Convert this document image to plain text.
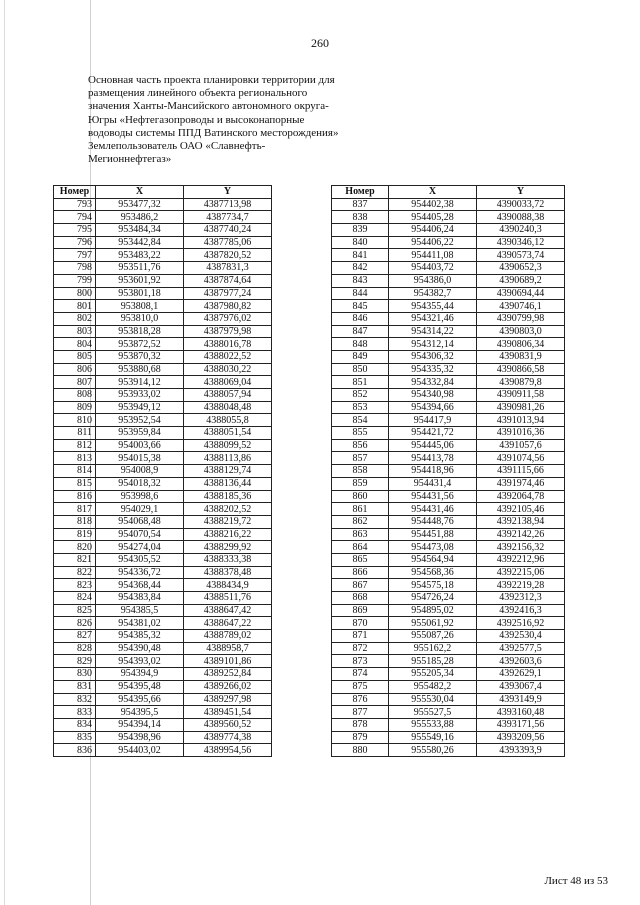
260
Основная часть проекта планировки территории для
размещения линейного объекта регионального
значения Ханты-Мансийского автономного округа-
Югры «Нефтегазопроводы и высоконапорные
водоводы системы ППД Ватинского месторождения»
Землепользователь ОАО «Славнефть-
Мегионнефтегаз»
Номер	X	Y
793	953477,32	4387713,98
794	953486,2	4387734,7
795	953484,34	4387740,24
796	953442,84	4387785,06
797	953483,22	4387820,52
798	953511,76	4387831,3
799	953601,92	4387874,64
800	953801,18	4387977,24
801	953808,1	4387980,82
802	953810,0	4387976,02
803	953818,28	4387979,98
804	953872,52	4388016,78
805	953870,32	4388022,52
806	953880,68	4388030,22
807	953914,12	4388069,04
808	953933,02	4388057,94
809	953949,12	4388048,48
810	953952,54	4388055,8
811	953959,84	4388051,54
812	954003,66	4388099,52
813	954015,38	4388113,86
814	954008,9	4388129,74
815	954018,32	4388136,44
816	953998,6	4388185,36
817	954029,1	4388202,52
818	954068,48	4388219,72
819	954070,54	4388216,22
820	954274,04	4388299,92
821	954305,52	4388333,38
822	954336,72	4388378,48
823	954368,44	4388434,9
824	954383,84	4388511,76
825	954385,5	4388647,42
826	954381,02	4388647,22
827	954385,32	4388789,02
828	954390,48	4388958,7
829	954393,02	4389101,86
830	954394,9	4389252,84
831	954395,48	4389266,02
832	954395,66	4389297,98
833	954395,5	4389451,54
834	954394,14	4389560,52
835	954398,96	4389774,38
836	954403,02	4389954,56
Номер	X	Y
837	954402,38	4390033,72
838	954405,28	4390088,38
839	954406,24	4390240,3
840	954406,22	4390346,12
841	954411,08	4390573,74
842	954403,72	4390652,3
843	954386,0	4390689,2
844	954382,7	4390694,44
845	954355,44	4390746,1
846	954321,46	4390799,98
847	954314,22	4390803,0
848	954312,14	4390806,34
849	954306,32	4390831,9
850	954335,32	4390866,58
851	954332,84	4390879,8
852	954340,98	4390911,58
853	954394,66	4390981,26
854	954417,9	4391013,94
855	954421,72	4391016,36
856	954445,06	4391057,6
857	954413,78	4391074,56
858	954418,96	4391115,66
859	954431,4	4391974,46
860	954431,56	4392064,78
861	954431,46	4392105,46
862	954448,76	4392138,94
863	954451,88	4392142,26
864	954473,08	4392156,32
865	954564,94	4392212,96
866	954568,36	4392215,06
867	954575,18	4392219,28
868	954726,24	4392312,3
869	954895,02	4392416,3
870	955061,92	4392516,92
871	955087,26	4392530,4
872	955162,2	4392577,5
873	955185,28	4392603,6
874	955205,34	4392629,1
875	955482,2	4393067,4
876	955530,04	4393149,9
877	955527,5	4393160,48
878	955533,88	4393171,56
879	955549,16	4393209,56
880	955580,26	4393393,9
Лист 48 из 53
